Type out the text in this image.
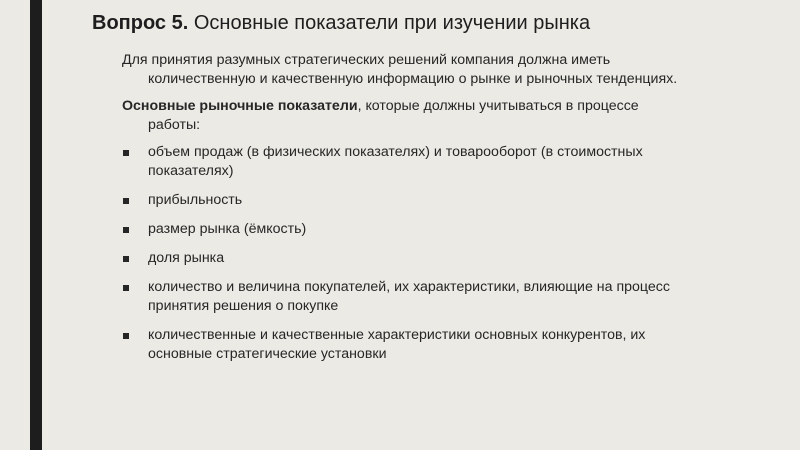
Вопрос 5. Основные показатели при изучении рынка

Для принятия разумных стратегических решений компания должна иметь количественную и качественную информацию о рынке и рыночных тенденциях.

Основные рыночные показатели, которые должны учитываться в процессе работы:

объем продаж (в физических показателях) и товарооборот (в стоимостных показателях)
прибыльность
размер рынка (ёмкость)
доля рынка
количество и величина покупателей, их характеристики, влияющие на процесс принятия решения о покупке
количественные и качественные характеристики основных конкурентов, их основные стратегические установки
